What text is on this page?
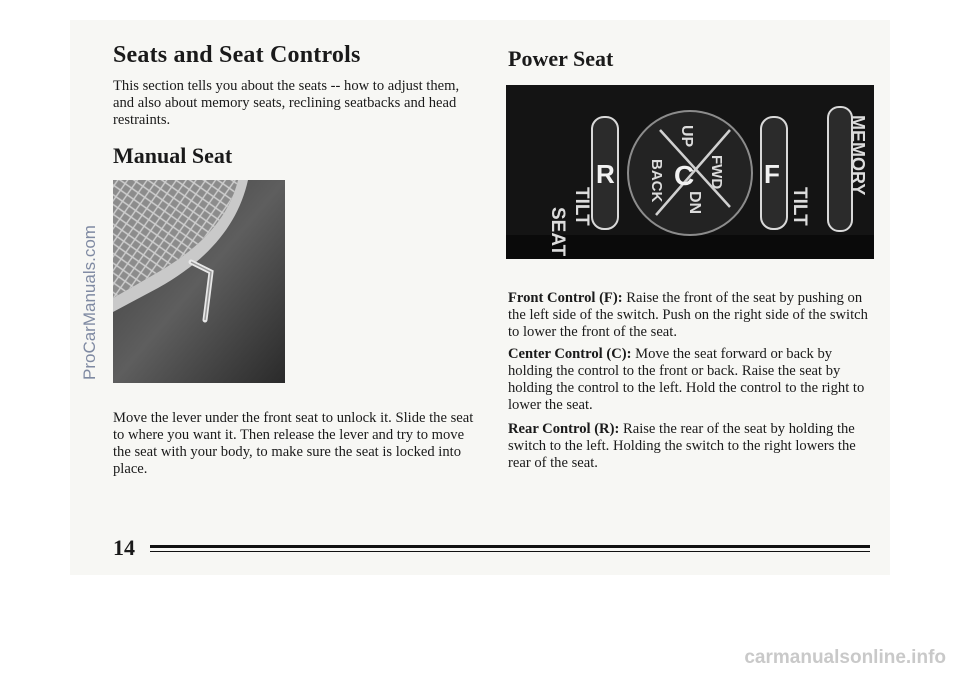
Seats and Seat Controls

This section tells you about the seats -- how to adjust them, and also about memory seats, reclining seatbacks and head restraints.

Manual Seat

Move the lever under the front seat to unlock it. Slide the seat to where you want it. Then release the lever and try to move the seat with your body, to make sure the seat is locked into place.

Power Seat
SEAT
TILT
R
UP
BACK C FWD
DN
F
TILT
MEMORY

Front Control (F): Raise the front of the seat by pushing on the left side of the switch. Push on the right side of the switch to lower the front of the seat.

Center Control (C): Move the seat forward or back by holding the control to the front or back. Raise the seat by holding the control to the left. Hold the control to the right to lower the seat.

Rear Control (R): Raise the rear of the seat by holding the switch to the left. Holding the switch to the right lowers the rear of the seat.

14
carmanualsonline.info
